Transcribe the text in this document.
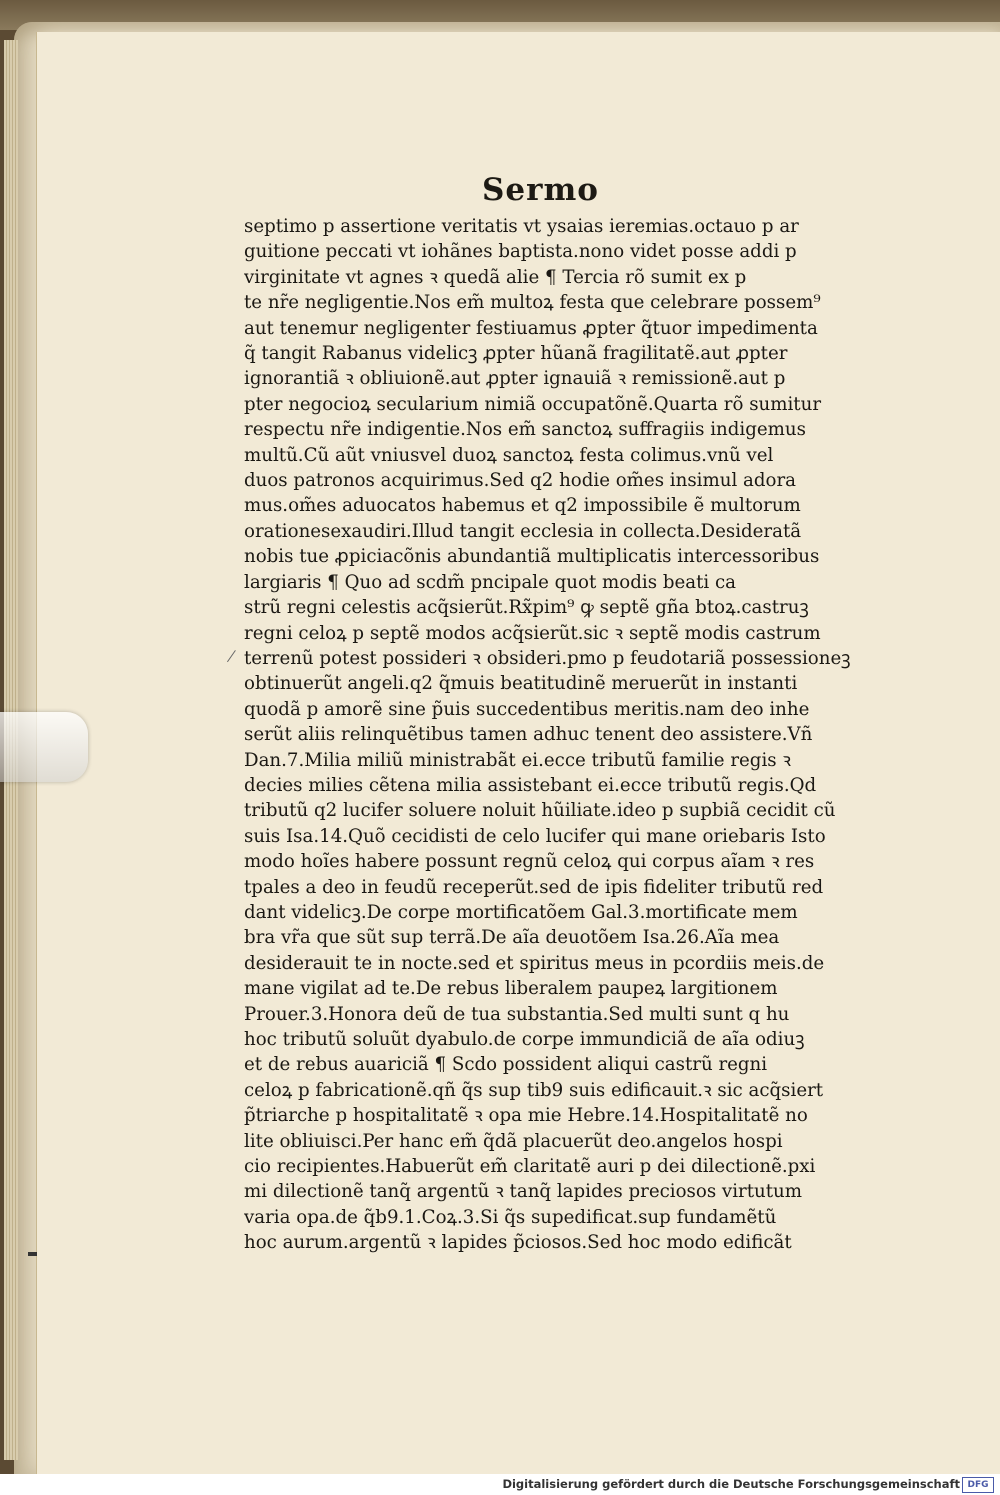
Sermo
septimo p assertione veritatis vt ysaias ieremias.octauo p ar
guitione peccati vt iohãnes baptista.nono videt posse addi p
virginitate vt agnes ꝛ quedã alie ¶ Tercia rõ sumit ex p
te nr̃e negligentie.Nos em̃ multoꝝ festa que celebrare possem⁹
aut tenemur negligenter festiuamus ꝓpter q̃tuor impedimenta
q̃ tangit Rabanus videlicꝫ ꝓpter hũanã fragilitatẽ.aut ꝓpter
ignorantiã ꝛ obliuionẽ.aut ꝓpter ignauiã ꝛ remissionẽ.aut p
pter negocioꝝ secularium nimiã occupatõnẽ.Quarta rõ sumitur
respectu nr̃e indigentie.Nos em̃ sanctoꝝ suffragiis indigemus
multũ.Cũ aũt vniusvel duoꝝ sanctoꝝ festa colimus.vnũ vel
duos patronos acquirimus.Sed q2 hodie om̃es insimul adora
mus.om̃es aduocatos habemus et q2 impossibile ẽ multorum
orationesexaudiri.Illud tangit ecclesia in collecta.Desideratã
nobis tue ꝓpiciacõnis abundantiã multiplicatis intercessoribus
largiaris ¶ Quo ad scdm̃ pncipale quot modis beati ca
strũ regni celestis acq̃sierũt.Rx̃pim⁹ ꝙ septẽ gña btoꝝ.castruꝫ
regni celoꝝ p septẽ modos acq̃sierũt.sic ꝛ septẽ modis castrum
terrenũ potest possideri ꝛ obsideri.pmo p feudotariã possessioneꝫ
obtinuerũt angeli.q2 q̃muis beatitudinẽ meruerũt in instanti
quodã p amorẽ sine p̃uis succedentibus meritis.nam deo inhe
serũt aliis relinquẽtibus tamen adhuc tenent deo assistere.Vñ
Dan.7.Milia miliũ ministrabãt ei.ecce tributũ familie regis ꝛ
decies milies cẽtena milia assistebant ei.ecce tributũ regis.Qd
tributũ q2 lucifer soluere noluit hũiliate.ideo p supbiã cecidit cũ
suis Isa.14.Quõ cecidisti de celo lucifer qui mane oriebaris Isto
modo hoĩes habere possunt regnũ celoꝝ qui corpus aĩam ꝛ res
tpales a deo in feudũ receperũt.sed de ipis fideliter tributũ red
dant videlicꝫ.De corpe mortificatõem Gal.3.mortificate mem
bra vr̃a que sũt sup terrã.De aĩa deuotõem Isa.26.Aĩa mea
desiderauit te in nocte.sed et spiritus meus in pcordiis meis.de
mane vigilat ad te.De rebus liberalem paupeꝝ largitionem
Prouer.3.Honora deũ de tua substantia.Sed multi sunt q hu
hoc tributũ soluũt dyabulo.de corpe immundiciã de aĩa odiuꝫ
et de rebus auariciã ¶ Scdo possident aliqui castrũ regni
celoꝝ p fabricationẽ.qñ q̃s sup tib9 suis edificauit.ꝛ sic acq̃siert
p̃triarche p hospitalitatẽ ꝛ opa mie Hebre.14.Hospitalitatẽ no
lite obliuisci.Per hanc em̃ q̃dã placuerũt deo.angelos hospi
cio recipientes.Habuerũt em̃ claritatẽ auri p dei dilectionẽ.pxi
mi dilectionẽ tanq̃ argentũ ꝛ tanq̃ lapides preciosos virtutum
varia opa.de q̃b9.1.Coꝝ.3.Si q̃s supedificat.sup fundamẽtũ
hoc aurum.argentũ ꝛ lapides p̃ciosos.Sed hoc modo edificãt
Digitalisierung gefördert durch die Deutsche Forschungsgemeinschaft DFG
